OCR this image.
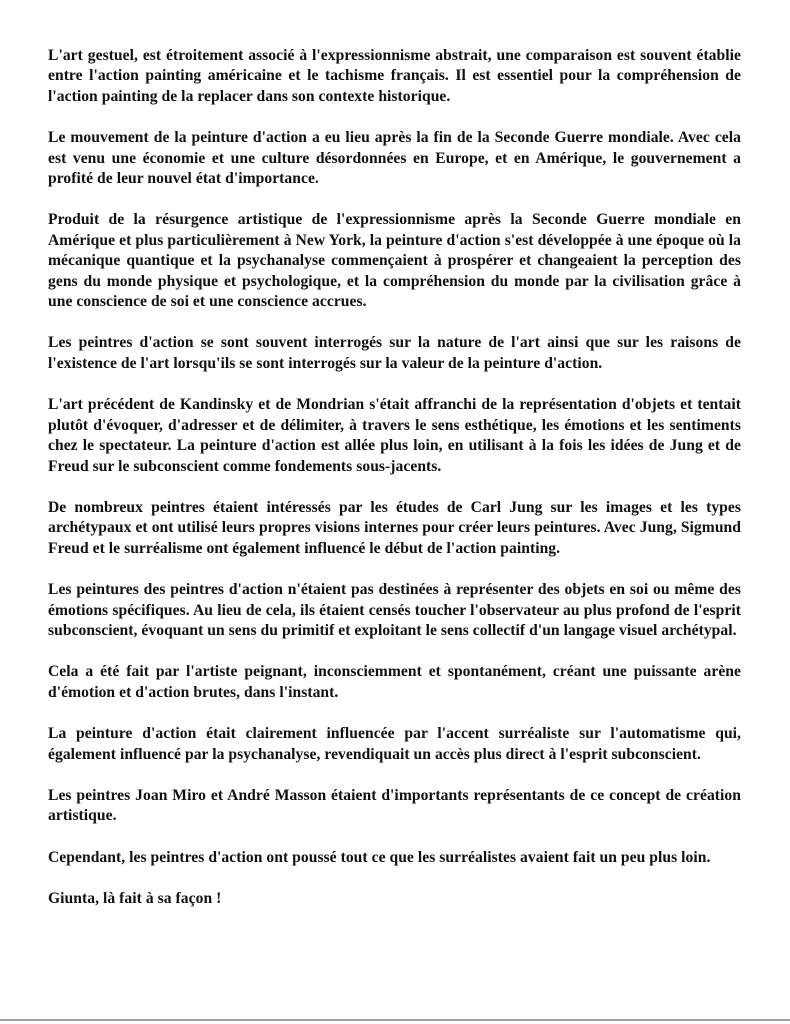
L'art gestuel, est étroitement associé à l'expressionnisme abstrait, une comparaison est souvent établie entre l'action painting américaine et le tachisme français. Il est essentiel pour la compréhension de l'action painting de la replacer dans son contexte historique.

Le mouvement de la peinture d'action a eu lieu après la fin de la Seconde Guerre mondiale. Avec cela est venu une économie et une culture désordonnées en Europe, et en Amérique, le gouvernement a profité de leur nouvel état d'importance.

Produit de la résurgence artistique de l'expressionnisme après la Seconde Guerre mondiale en Amérique et plus particulièrement à New York, la peinture d'action s'est développée à une époque où la mécanique quantique et la psychanalyse commençaient à prospérer et changeaient la perception des gens du monde physique et psychologique, et la compréhension du monde par la civilisation grâce à une conscience de soi et une conscience accrues.

Les peintres d'action se sont souvent interrogés sur la nature de l'art ainsi que sur les raisons de l'existence de l'art lorsqu'ils se sont interrogés sur la valeur de la peinture d'action.

L'art précédent de Kandinsky et de Mondrian s'était affranchi de la représentation d'objets et tentait plutôt d'évoquer, d'adresser et de délimiter, à travers le sens esthétique, les émotions et les sentiments chez le spectateur. La peinture d'action est allée plus loin, en utilisant à la fois les idées de Jung et de Freud sur le subconscient comme fondements sous-jacents.

De nombreux peintres étaient intéressés par les études de Carl Jung sur les images et les types archétypaux et ont utilisé leurs propres visions internes pour créer leurs peintures. Avec Jung, Sigmund Freud et le surréalisme ont également influencé le début de l'action painting.

Les peintures des peintres d'action n'étaient pas destinées à représenter des objets en soi ou même des émotions spécifiques. Au lieu de cela, ils étaient censés toucher l'observateur au plus profond de l'esprit subconscient, évoquant un sens du primitif et exploitant le sens collectif d'un langage visuel archétypal.

Cela a été fait par l'artiste peignant, inconsciemment et spontanément, créant une puissante arène d'émotion et d'action brutes, dans l'instant.

La peinture d'action était clairement influencée par l'accent surréaliste sur l'automatisme qui, également influencé par la psychanalyse, revendiquait un accès plus direct à l'esprit subconscient.

Les peintres Joan Miro et André Masson étaient d'importants représentants de ce concept de création artistique.

Cependant, les peintres d'action ont poussé tout ce que les surréalistes avaient fait un peu plus loin.

Giunta, là fait à sa façon !
